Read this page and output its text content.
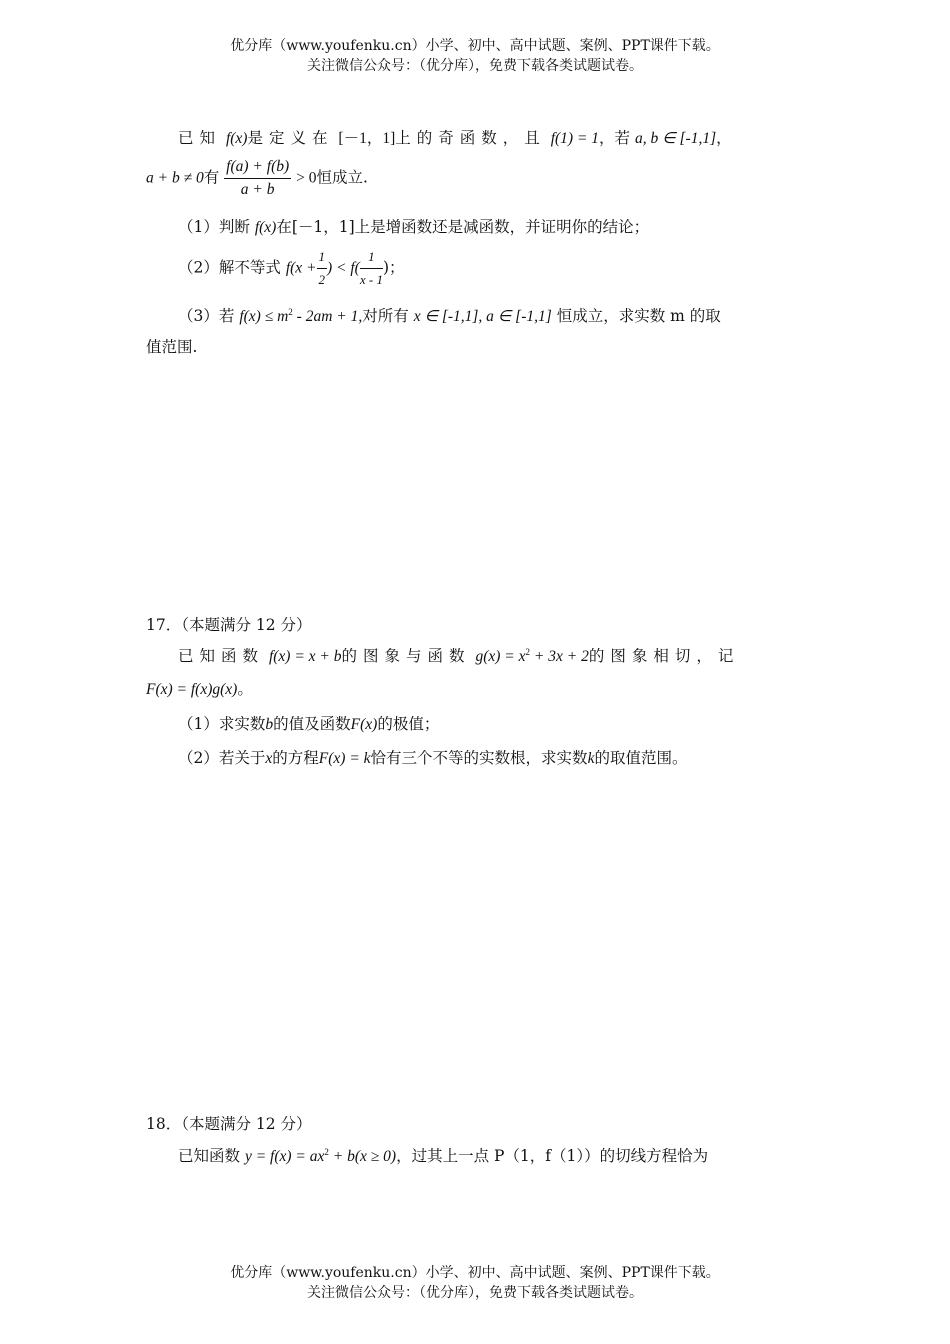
优分库（www.youfenku.cn）小学、初中、高中试题、案例、PPT课件下载。
关注微信公众号：（优分库），免费下载各类试题试卷。
已知 f(x)是定义在 [－1，1]上的奇函数，且 f(1) = 1，若 a, b ∈ [-1,1]，
a + b ≠ 0有 $\frac{f(a) + f(b)}{a + b} > 0$恒成立.
（1）判断 f(x)在[－1，1]上是增函数还是减函数，并证明你的结论；
（2）解不等式 $f(x + \frac{1}{2}$ ) < $f( \frac{1}{x - 1}$ )；
（3）若 $f(x) \le m^2 - 2am + 1$,对所有 x ∈ [-1,1], a ∈ [-1,1] 恒成立，求实数 m 的取
值范围.
17．（本题满分 12 分）
已知函数 f(x) = x + b的图象与函数 $g(x) = x^2 + 3x + 2$的图象相切，记
F(x) = f(x)g(x)。
（1）求实数b的值及函数F(x)的极值；
（2）若关于x的方程F(x) = k恰有三个不等的实数根，求实数k的取值范围。
18．（本题满分 12 分）
已知函数 $y = f(x) = ax^2 + b(x \ge 0)$，过其上一点 P（1，f（1））的切线方程恰为
优分库（www.youfenku.cn）小学、初中、高中试题、案例、PPT课件下载。
关注微信公众号：（优分库），免费下载各类试题试卷。
